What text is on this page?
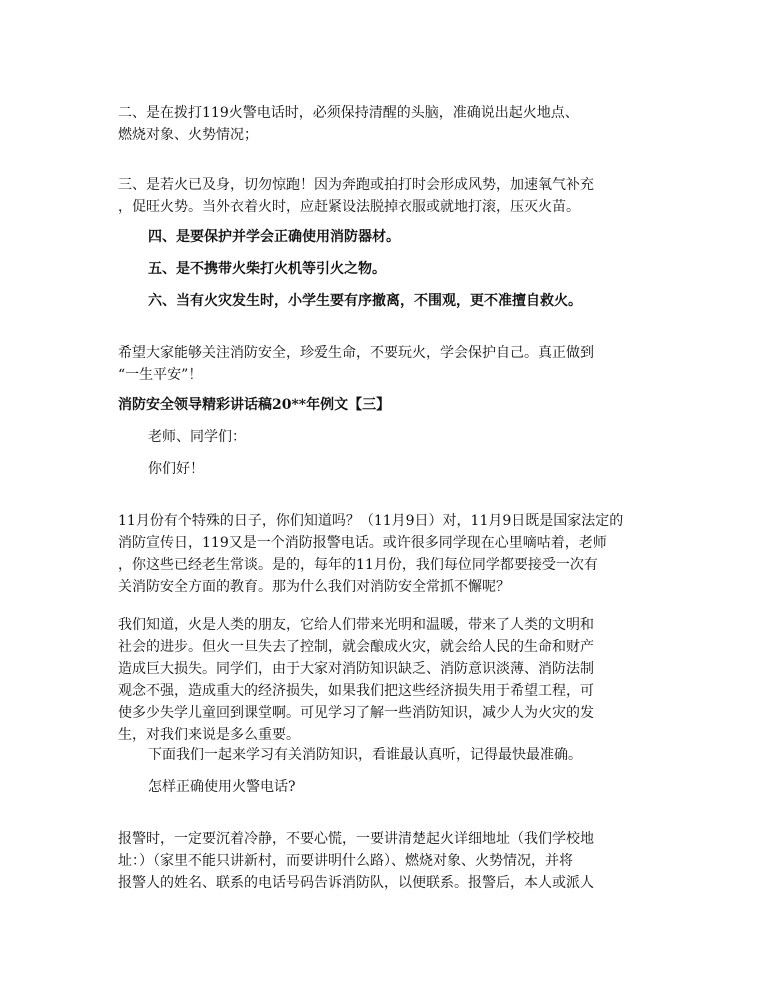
二、是在拨打119火警电话时，必须保持清醒的头脑，准确说出起火地点、
燃烧对象、火势情况；

三、是若火已及身，切勿惊跑！因为奔跑或拍打时会形成风势，加速氧气补充
，促旺火势。当外衣着火时，应赶紧设法脱掉衣服或就地打滚，压灭火苗。

四、是要保护并学会正确使用消防器材。

五、是不携带火柴打火机等引火之物。

六、当有火灾发生时，小学生要有序撤离，不围观，更不准擅自救火。

希望大家能够关注消防安全，珍爱生命，不要玩火，学会保护自己。真正做到
“一生平安”！

消防安全领导精彩讲话稿20**年例文【三】

老师、同学们：

你们好！

11月份有个特殊的日子，你们知道吗？（11月9日）对，11月9日既是国家法定的
消防宣传日，119又是一个消防报警电话。或许很多同学现在心里嘀咕着，老师
，你这些已经老生常谈。是的，每年的11月份，我们每位同学都要接受一次有
关消防安全方面的教育。那为什么我们对消防安全常抓不懈呢？

我们知道，火是人类的朋友，它给人们带来光明和温暖，带来了人类的文明和
社会的进步。但火一旦失去了控制，就会酿成火灾，就会给人民的生命和财产
造成巨大损失。同学们，由于大家对消防知识缺乏、消防意识淡薄、消防法制
观念不强，造成重大的经济损失，如果我们把这些经济损失用于希望工程，可
使多少失学儿童回到课堂啊。可见学习了解一些消防知识，减少人为火灾的发
生，对我们来说是多么重要。

下面我们一起来学习有关消防知识，看谁最认真听，记得最快最准确。

怎样正确使用火警电话?

报警时，一定要沉着冷静，不要心慌，一要讲清楚起火详细地址（我们学校地
址：）（家里不能只讲新村，而要讲明什么路）、燃烧对象、火势情况，并将
报警人的姓名、联系的电话号码告诉消防队，以便联系。报警后，本人或派人
